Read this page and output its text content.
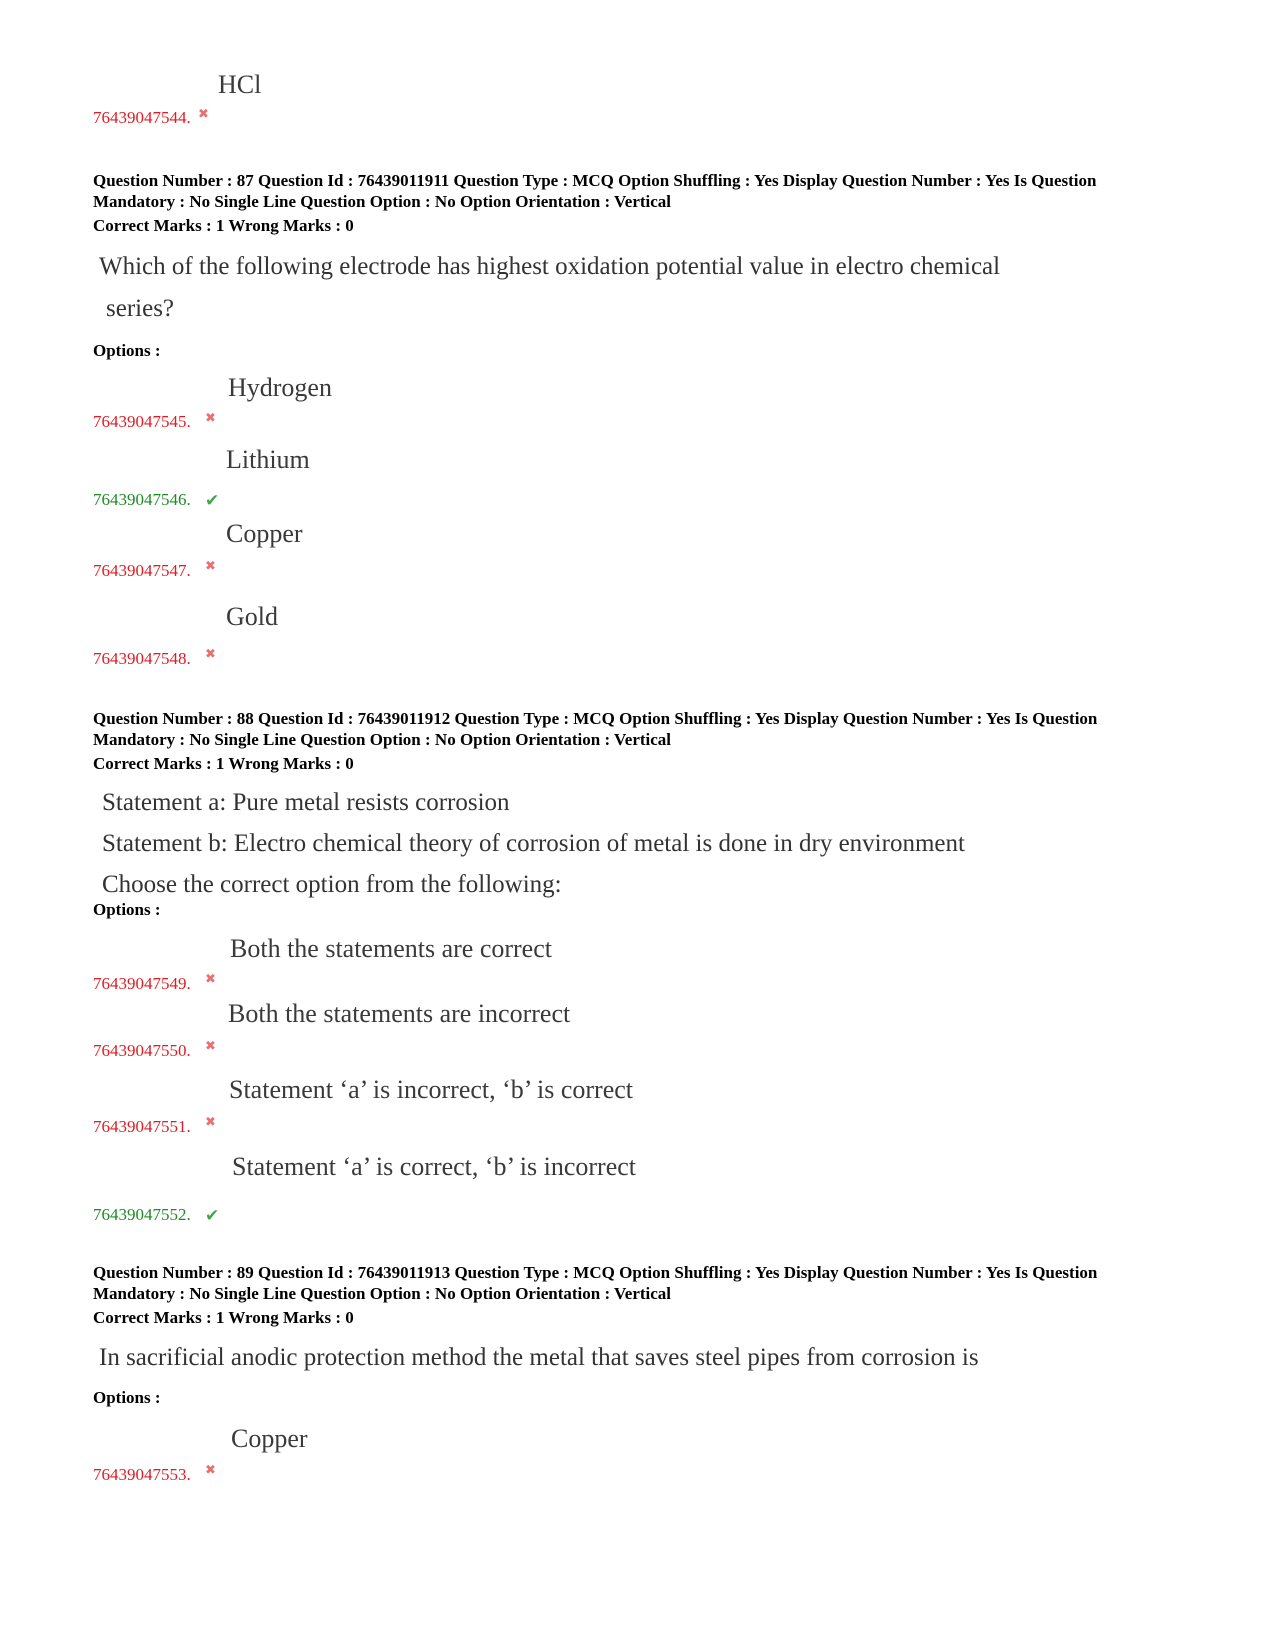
HCl
76439047544. ✖
Question Number : 87 Question Id : 76439011911 Question Type : MCQ Option Shuffling : Yes Display Question Number : Yes Is Question
Mandatory : No Single Line Question Option : No Option Orientation : Vertical
Correct Marks : 1 Wrong Marks : 0
Which of the following electrode has highest oxidation potential value in electro chemical
series?
Options :
Hydrogen
76439047545. ✖
Lithium
76439047546. ✔
Copper
76439047547. ✖
Gold
76439047548. ✖
Question Number : 88 Question Id : 76439011912 Question Type : MCQ Option Shuffling : Yes Display Question Number : Yes Is Question
Mandatory : No Single Line Question Option : No Option Orientation : Vertical
Correct Marks : 1 Wrong Marks : 0
Statement a: Pure metal resists corrosion
Statement b: Electro chemical theory of corrosion of metal is done in dry environment
Choose the correct option from the following:
Options :
Both the statements are correct
76439047549. ✖
Both the statements are incorrect
76439047550. ✖
Statement ‘a’ is incorrect, ‘b’ is correct
76439047551. ✖
Statement ‘a’ is correct, ‘b’ is incorrect
76439047552. ✔
Question Number : 89 Question Id : 76439011913 Question Type : MCQ Option Shuffling : Yes Display Question Number : Yes Is Question
Mandatory : No Single Line Question Option : No Option Orientation : Vertical
Correct Marks : 1 Wrong Marks : 0
In sacrificial anodic protection method the metal that saves steel pipes from corrosion is
Options :
Copper
76439047553. ✖
